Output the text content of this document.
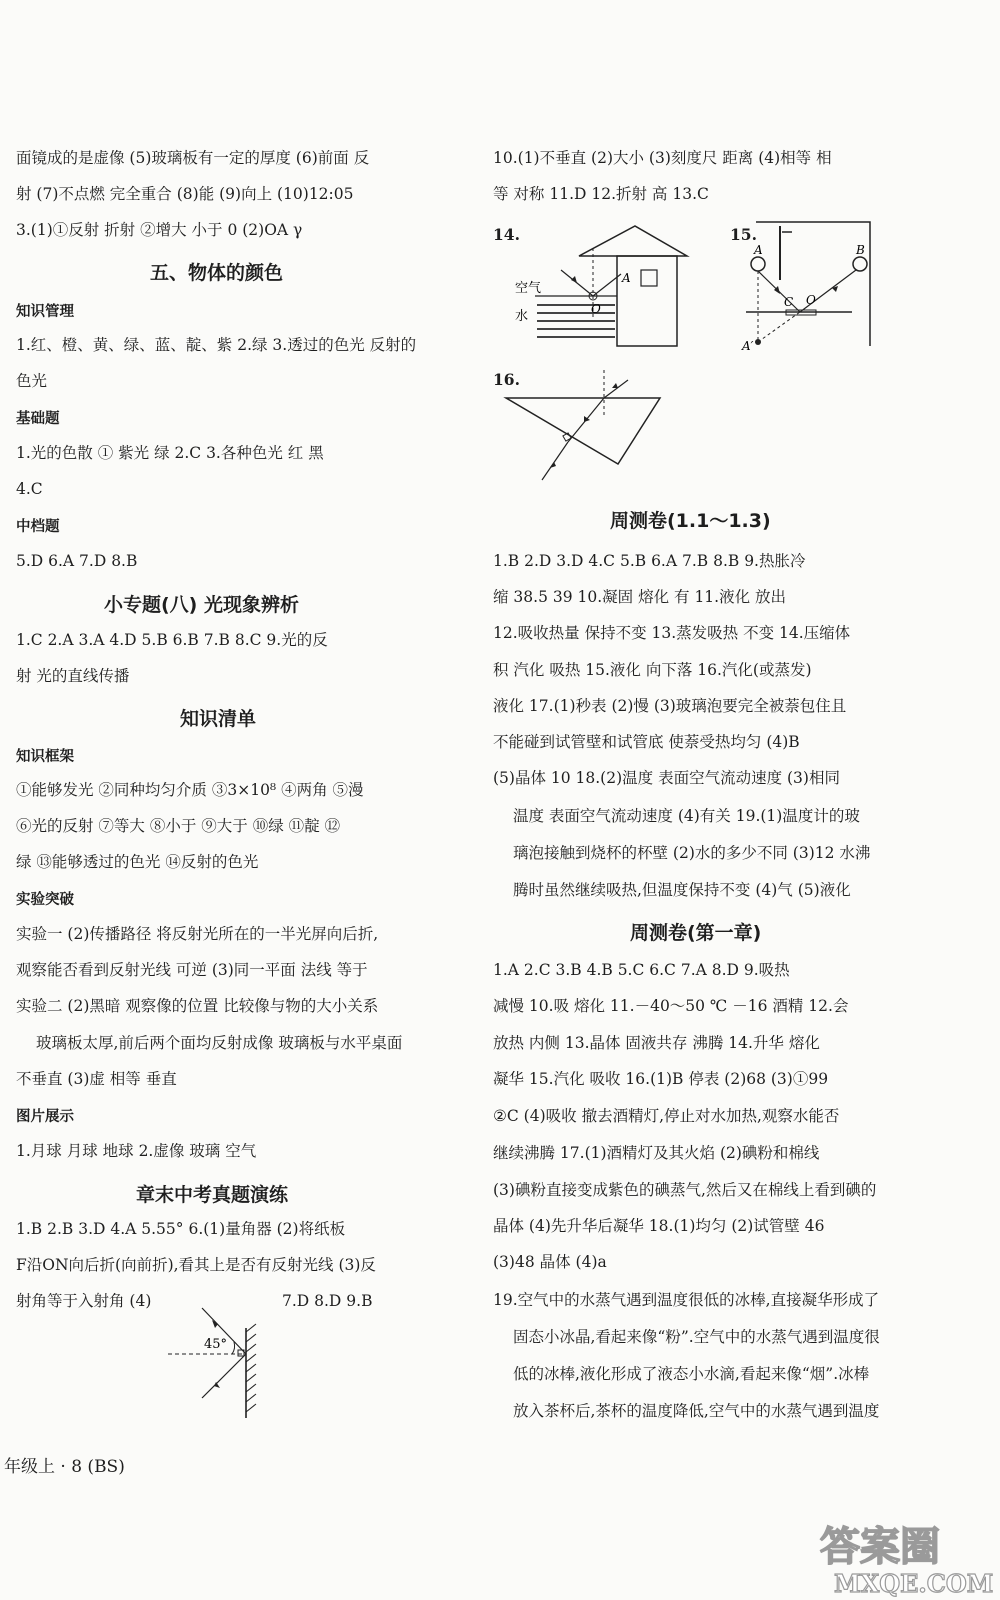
面镜成的是虚像 (5)玻璃板有一定的厚度 (6)前面 反
射 (7)不点燃 完全重合 (8)能 (9)向上 (10)12:05
3.(1)①反射 折射 ②增大 小于 0 (2)OA γ
五、物体的颜色
知识管理
1.红、橙、黄、绿、蓝、靛、紫 2.绿 3.透过的色光 反射的
色光
基础题
1.光的色散 ① 紫光 绿 2.C 3.各种色光 红 黑
4.C
中档题
5.D 6.A 7.D 8.B
小专题(八) 光现象辨析
1.C 2.A 3.A 4.D 5.B 6.B 7.B 8.C 9.光的反
射 光的直线传播
知识清单
知识框架
①能够发光 ②同种均匀介质 ③3×10⁸ ④两角 ⑤漫
⑥光的反射 ⑦等大 ⑧小于 ⑨大于 ⑩绿 ⑪靛 ⑫
绿 ⑬能够透过的色光 ⑭反射的色光
实验突破
实验一 (2)传播路径 将反射光所在的一半光屏向后折,
观察能否看到反射光线 可逆 (3)同一平面 法线 等于
实验二 (2)黑暗 观察像的位置 比较像与物的大小关系
玻璃板太厚,前后两个面均反射成像 玻璃板与水平桌面
不垂直 (3)虚 相等 垂直
图片展示
1.月球 月球 地球 2.虚像 玻璃 空气
章末中考真题演练
1.B 2.B 3.D 4.A 5.55° 6.(1)量角器 (2)将纸板
F沿ON向后折(向前折),看其上是否有反射光线 (3)反
射角等于入射角 (4)	7.D 8.D 9.B
45°
10.(1)不垂直 (2)大小 (3)刻度尺 距离 (4)相等 相
等 对称 11.D 12.折射 高 13.C
14.	15.
空气
水
A
O
A	B
C O
A′
16.
周测卷(1.1～1.3)
1.B 2.D 3.D 4.C 5.B 6.A 7.B 8.B 9.热胀冷
缩 38.5 39 10.凝固 熔化 有 11.液化 放出
12.吸收热量 保持不变 13.蒸发吸热 不变 14.压缩体
积 汽化 吸热 15.液化 向下落 16.汽化(或蒸发)
液化 17.(1)秒表 (2)慢 (3)玻璃泡要完全被萘包住且
不能碰到试管壁和试管底 使萘受热均匀 (4)B
(5)晶体 10 18.(2)温度 表面空气流动速度 (3)相同
温度 表面空气流动速度 (4)有关 19.(1)温度计的玻
璃泡接触到烧杯的杯壁 (2)水的多少不同 (3)12 水沸
腾时虽然继续吸热,但温度保持不变 (4)气 (5)液化
周测卷(第一章)
1.A 2.C 3.B 4.B 5.C 6.C 7.A 8.D 9.吸热
减慢 10.吸 熔化 11.－40～50 ℃ －16 酒精 12.会
放热 内侧 13.晶体 固液共存 沸腾 14.升华 熔化
凝华 15.汽化 吸收 16.(1)B 停表 (2)68 (3)①99
②C (4)吸收 撤去酒精灯,停止对水加热,观察水能否
继续沸腾 17.(1)酒精灯及其火焰 (2)碘粉和棉线
(3)碘粉直接变成紫色的碘蒸气,然后又在棉线上看到碘的
晶体 (4)先升华后凝华 18.(1)均匀 (2)试管壁 46
(3)48 晶体 (4)a
19.空气中的水蒸气遇到温度很低的冰棒,直接凝华形成了
固态小冰晶,看起来像“粉”.空气中的水蒸气遇到温度很
低的冰棒,液化形成了液态小水滴,看起来像“烟”.冰棒
放入茶杯后,茶杯的温度降低,空气中的水蒸气遇到温度
年级上 · 8 (BS)
答案圈
MXQE.COM
